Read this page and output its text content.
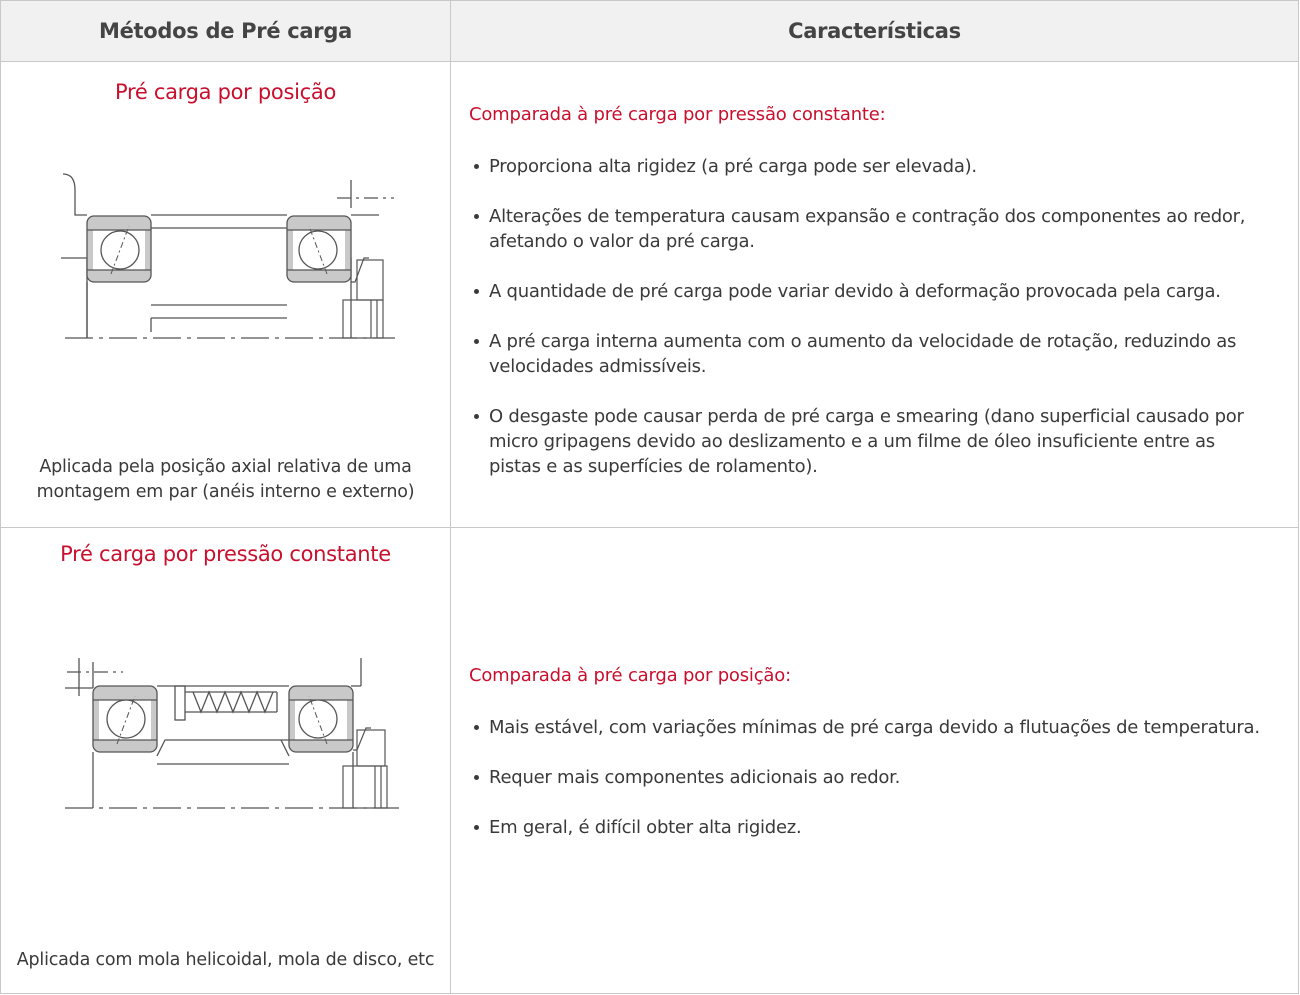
Métodos de Pré carga	Características
Pré carga por posição
Aplicada pela posição axial relativa de uma
montagem em par (anéis interno e externo)
Comparada à pré carga por pressão constante:
Proporciona alta rigidez (a pré carga pode ser elevada).
Alterações de temperatura causam expansão e contração dos componentes ao redor,
afetando o valor da pré carga.
A quantidade de pré carga pode variar devido à deformação provocada pela carga.
A pré carga interna aumenta com o aumento da velocidade de rotação, reduzindo as
velocidades admissíveis.
O desgaste pode causar perda de pré carga e smearing (dano superficial causado por
micro gripagens devido ao deslizamento e a um filme de óleo insuficiente entre as
pistas e as superfícies de rolamento).
Pré carga por pressão constante
Aplicada com mola helicoidal, mola de disco, etc
Comparada à pré carga por posição:
Mais estável, com variações mínimas de pré carga devido a flutuações de temperatura.
Requer mais componentes adicionais ao redor.
Em geral, é difícil obter alta rigidez.
